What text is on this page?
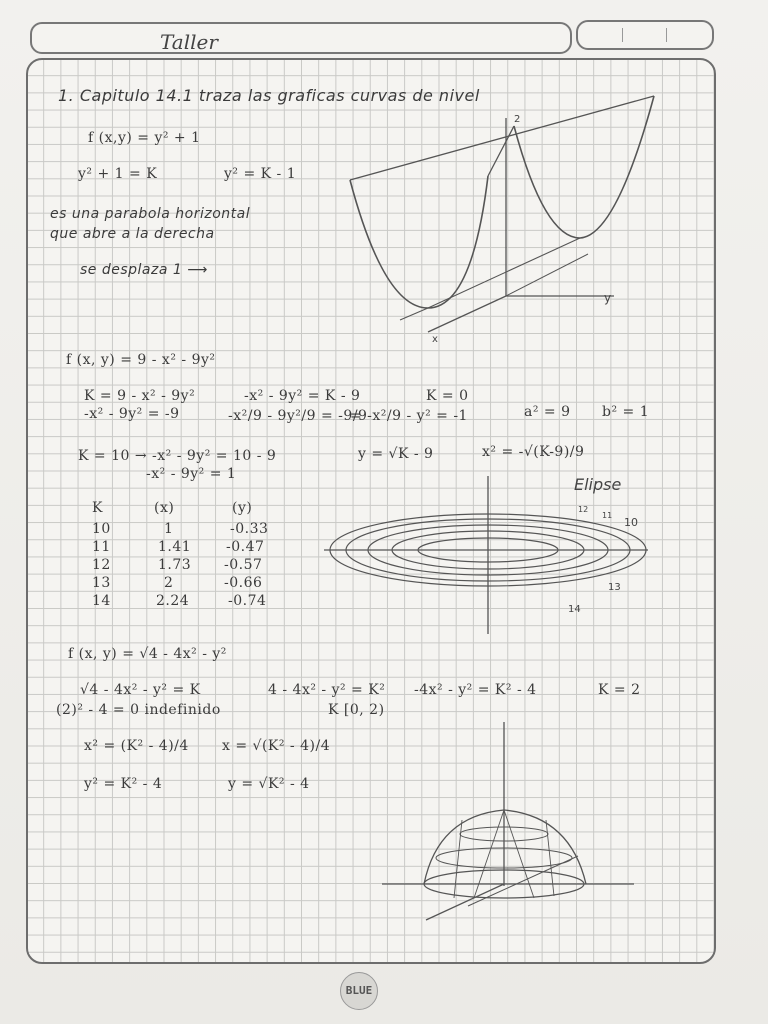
Taller
1. Capitulo 14.1 traza las graficas curvas de nivel
f (x,y) = y² + 1
y² + 1 = K	y² = K - 1
es una parabola horizontal
que abre a la derecha
se desplaza 1 ⟶
2
y
x
f (x, y) = 9 - x² - 9y²
K = 9 - x² - 9y²	-x² - 9y² = K - 9	K = 0
-x² - 9y² = -9	-x²/9 - 9y²/9 = -9/9
= -x²/9 - y² = -1	a² = 9 b² = 1
K = 10 → -x² - 9y² = 10 - 9	y = √K - 9	x² = -√(K-9)/9
-x² - 9y² = 1
K	(x)	(y)
10	1	-0.33
11	1.41 -0.47
12	1.73 -0.57
13	2	-0.66
14	2.24	-0.74
Elipse
12
11
10
13
14
f (x, y) = √4 - 4x² - y²
√4 - 4x² - y² = K	4 - 4x² - y² = K² -4x² - y² = K² - 4	K = 2
(2)² - 4 = 0 indefinido	K [0, 2)
x² = (K² - 4)/4 x = √(K² - 4)/4
y² = K² - 4	y = √K² - 4
BLUE
